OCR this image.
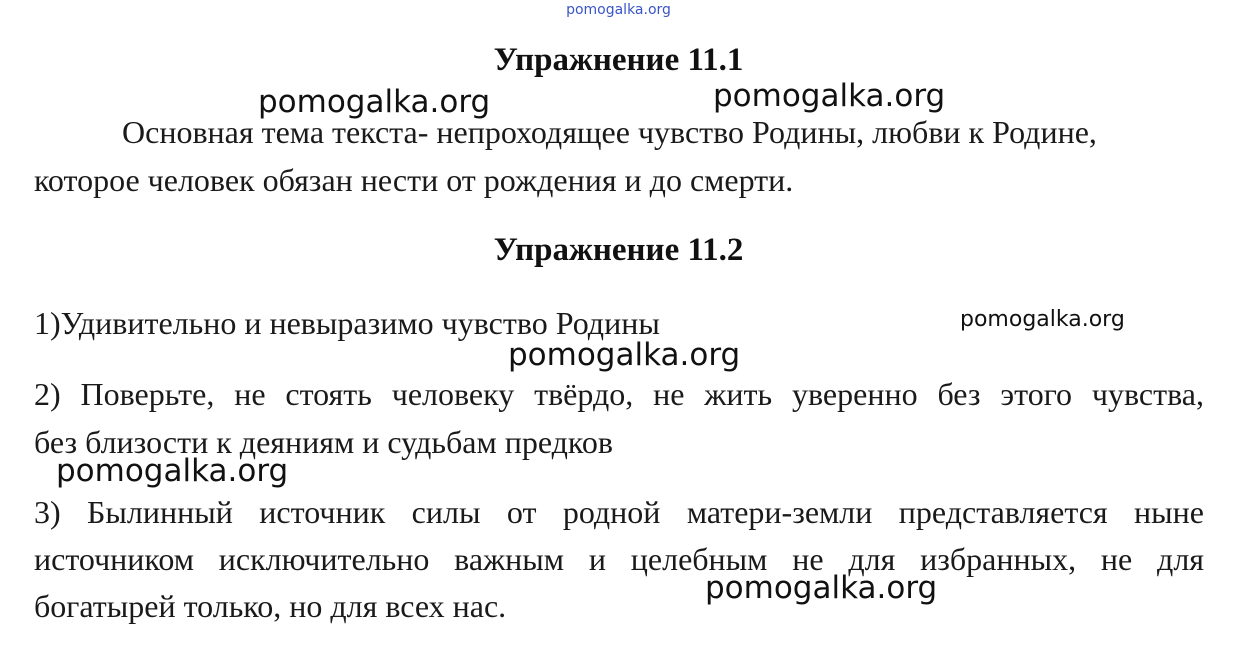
pomogalka.org
Упражнение 11.1
Основная тема текста- непроходящее чувство Родины, любви к Родине,
которое человек обязан нести от рождения и до смерти.
Упражнение 11.2
1)Удивительно и невыразимо чувство Родины
2) Поверьте, не стоять человеку твёрдо, не жить уверенно без этого чувства,
без близости к деяниям и судьбам предков
3) Былинный источник силы от родной матери-земли представляется ныне
источником исключительно важным и целебным не для избранных, не для
богатырей только, но для всех нас.
pomogalka.org	pomogalka.org
pomogalka.org
pomogalka.org
pomogalka.org
pomogalka.org
